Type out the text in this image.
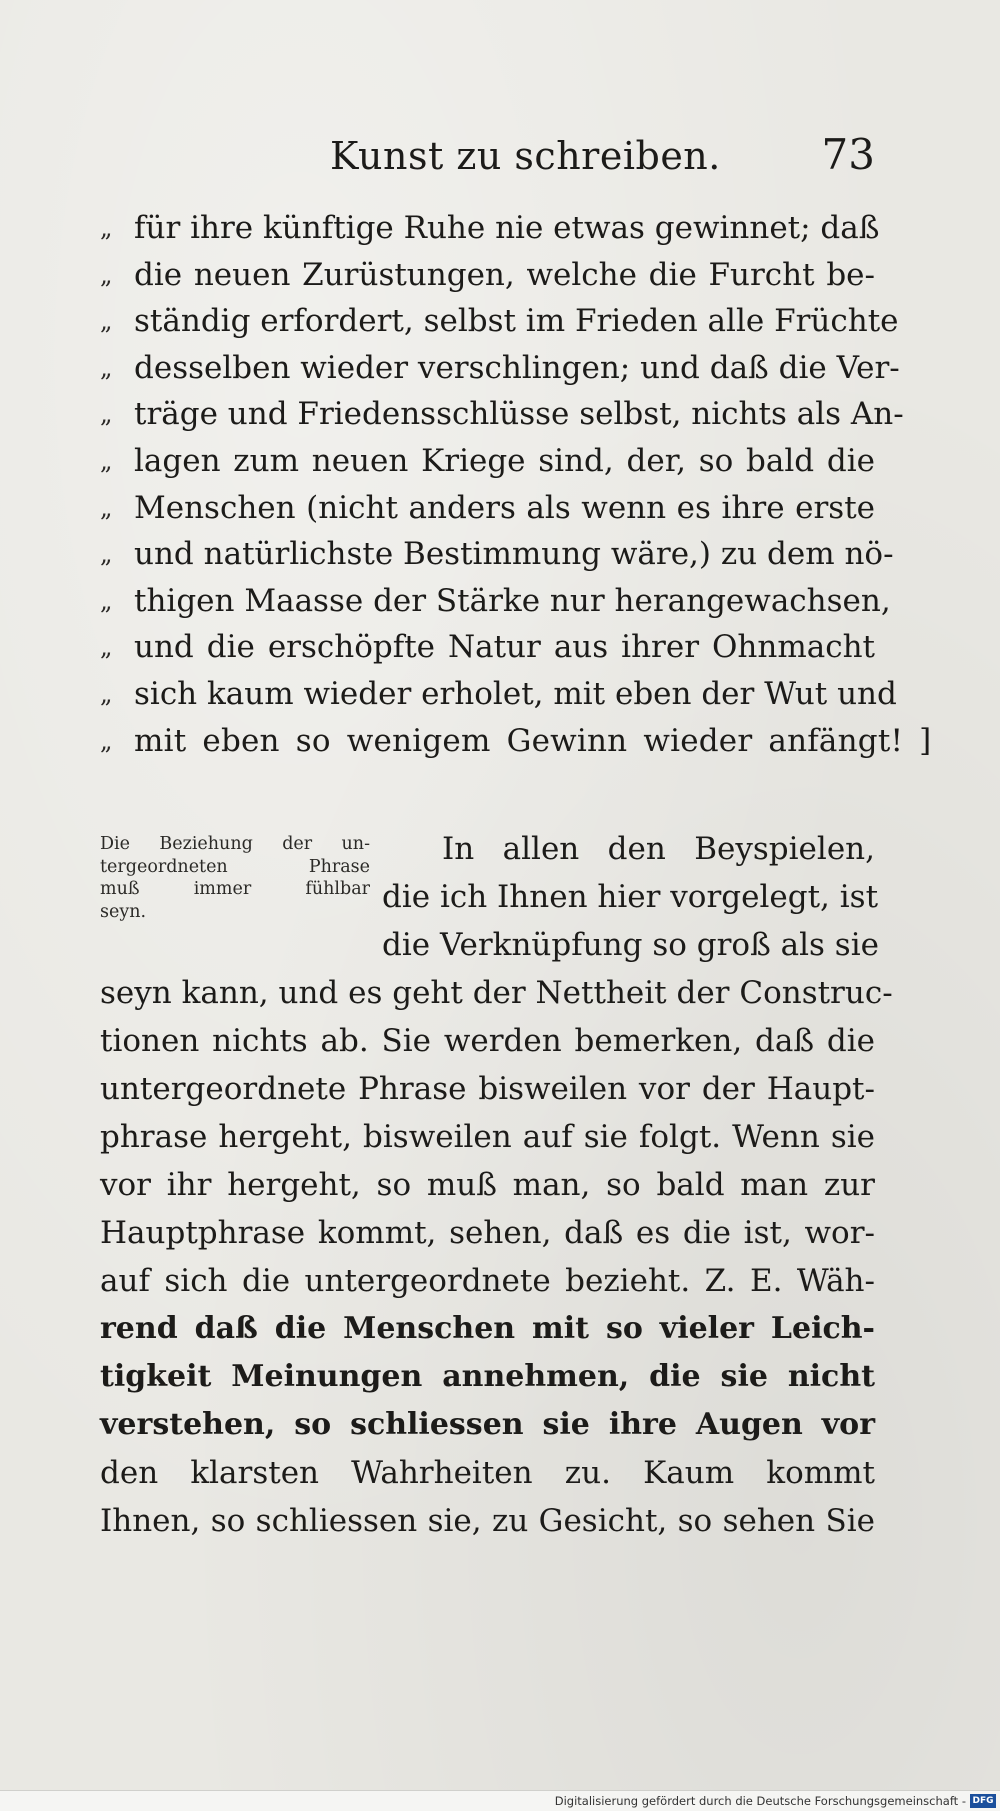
Kunst zu schreiben. 73
„ für ihre künftige Ruhe nie etwas gewinnet; daß
„ die neuen Zurüstungen, welche die Furcht be-
„ ständig erfordert, selbst im Frieden alle Früchte
„ desselben wieder verschlingen; und daß die Ver-
„ träge und Friedensschlüsse selbst, nichts als An-
„ lagen zum neuen Kriege sind, der, so bald die
„ Menschen (nicht anders als wenn es ihre erste
„ und natürlichste Bestimmung wäre,) zu dem nö-
„ thigen Maasse der Stärke nur herangewachsen,
„ und die erschöpfte Natur aus ihrer Ohnmacht
„ sich kaum wieder erholet, mit eben der Wut und
„ mit eben so wenigem Gewinn wieder anfängt! ]
Die Beziehung der un-
tergeordneten Phrase
muß immer fühlbar
seyn.
In allen den Beyspielen,
die ich Ihnen hier vorgelegt, ist
die Verknüpfung so groß als sie
seyn kann, und es geht der Nettheit der Construc-
tionen nichts ab. Sie werden bemerken, daß die
untergeordnete Phrase bisweilen vor der Haupt-
phrase hergeht, bisweilen auf sie folgt. Wenn sie
vor ihr hergeht, so muß man, so bald man zur
Hauptphrase kommt, sehen, daß es die ist, wor-
auf sich die untergeordnete bezieht. Z. E. Wäh-
rend daß die Menschen mit so vieler Leich-
tigkeit Meinungen annehmen, die sie nicht
verstehen, so schliessen sie ihre Augen vor
den klarsten Wahrheiten zu. Kaum kommt
Ihnen, so schliessen sie, zu Gesicht, so sehen Sie
Digitalisierung gefördert durch die Deutsche Forschungsgemeinschaft - DFG
